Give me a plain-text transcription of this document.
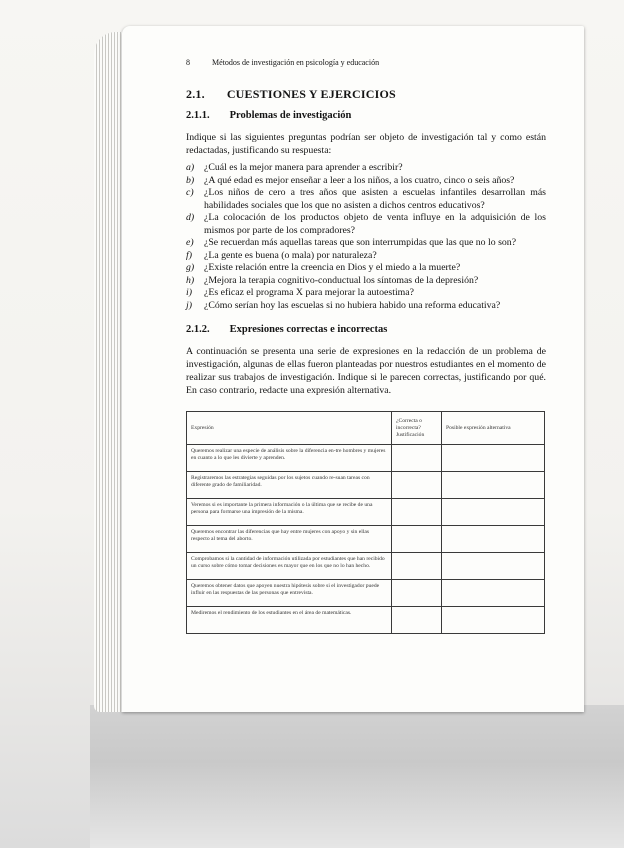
8	Métodos de investigación en psicología y educación
2.1. CUESTIONES Y EJERCICIOS
2.1.1. Problemas de investigación

Indique si las siguientes preguntas podrían ser objeto de investigación tal y como están redactadas, justificando su respuesta:

a)	¿Cuál es la mejor manera para aprender a escribir?
b)	¿A qué edad es mejor enseñar a leer a los niños, a los cuatro, cinco o seis años?
c)	¿Los niños de cero a tres años que asisten a escuelas infantiles desarrollan más habilidades sociales que los que no asisten a dichos centros educativos?
d)	¿La colocación de los productos objeto de venta influye en la adquisición de los mismos por parte de los compradores?
e)	¿Se recuerdan más aquellas tareas que son interrumpidas que las que no lo son?
f)	¿La gente es buena (o mala) por naturaleza?
g)	¿Existe relación entre la creencia en Dios y el miedo a la muerte?
h)	¿Mejora la terapia cognitivo-conductual los síntomas de la depresión?
i)	¿Es eficaz el programa X para mejorar la autoestima?
j)	¿Cómo serían hoy las escuelas si no hubiera habido una reforma educativa?
2.1.2. Expresiones correctas e incorrectas

A continuación se presenta una serie de expresiones en la redacción de un problema de investigación, algunas de ellas fueron planteadas por nuestros estudiantes en el momento de realizar sus trabajos de investigación. Indique si le parecen correctas, justificando por qué. En caso contrario, redacte una expresión alternativa.

Expresión	¿Correcta o incorrecta? Justificación	Posible expresión alternativa
Queremos realizar una especie de análisis sobre la diferencia en-tre hombres y mujeres en cuanto a lo que les divierte y aprenden.		
Registraremos las estrategias seguidas por los sujetos cuando re-suan tareas con diferente grado de familiaridad.		
Veremos si es importante la primera información o la última que se recibe de una persona para formarse una impresión de la misma.		
Queremos encontrar las diferencias que hay entre mujeres con apoyo y sin ellas respecto al tema del aborto.		
Comprobamos si la cantidad de información utilizada por estudiantes que han recibido un curso sobre cómo tomar decisiones es mayor que en los que no lo han hecho.		
Queremos obtener datos que apoyen nuestra hipótesis sobre si el investigador puede influir en las respuestas de las personas que entrevista.		
Mediremos el rendimiento de los estudiantes en el área de matemáticas.		
